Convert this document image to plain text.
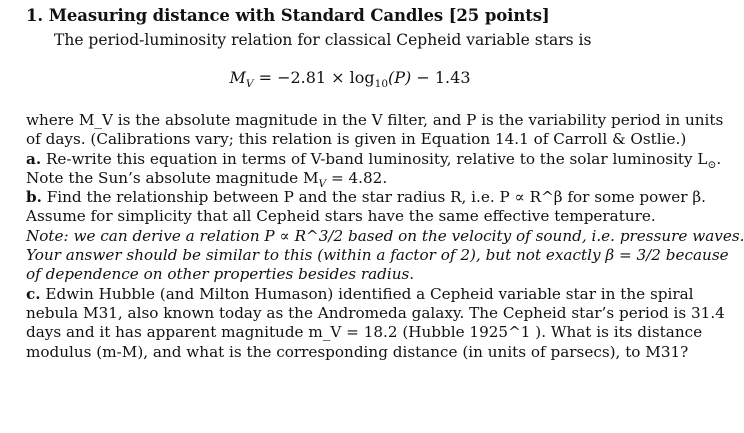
1. Measuring distance with Standard Candles [25 points]
The period-luminosity relation for classical Cepheid variable stars is
$M_V = -2.81 \times \log_{10}(P) - 1.43$
where M_V is the absolute magnitude in the V filter, and P is the variability period in units
of days. (Calibrations vary; this relation is given in Equation 14.1 of Carroll & Ostlie.)
a. Re-write this equation in terms of V-band luminosity, relative to the solar luminosity $L_⊙$.
Note the Sun’s absolute magnitude $M_V = 4.82$.
b. Find the relationship between P and the star radius R, i.e. P ∝ R^β for some power β.
Assume for simplicity that all Cepheid stars have the same effective temperature.
Note: we can derive a relation P ∝ R^3/2 based on the velocity of sound, i.e. pressure waves.
Your answer should be similar to this (within a factor of 2), but not exactly β = 3/2 because
of dependence on other properties besides radius.
c. Edwin Hubble (and Milton Humason) identified a Cepheid variable star in the spiral
nebula M31, also known today as the Andromeda galaxy. The Cepheid star’s period is 31.4
days and it has apparent magnitude m_V = 18.2 (Hubble 1925^1 ). What is its distance
modulus (m-M), and what is the corresponding distance (in units of parsecs), to M31?
